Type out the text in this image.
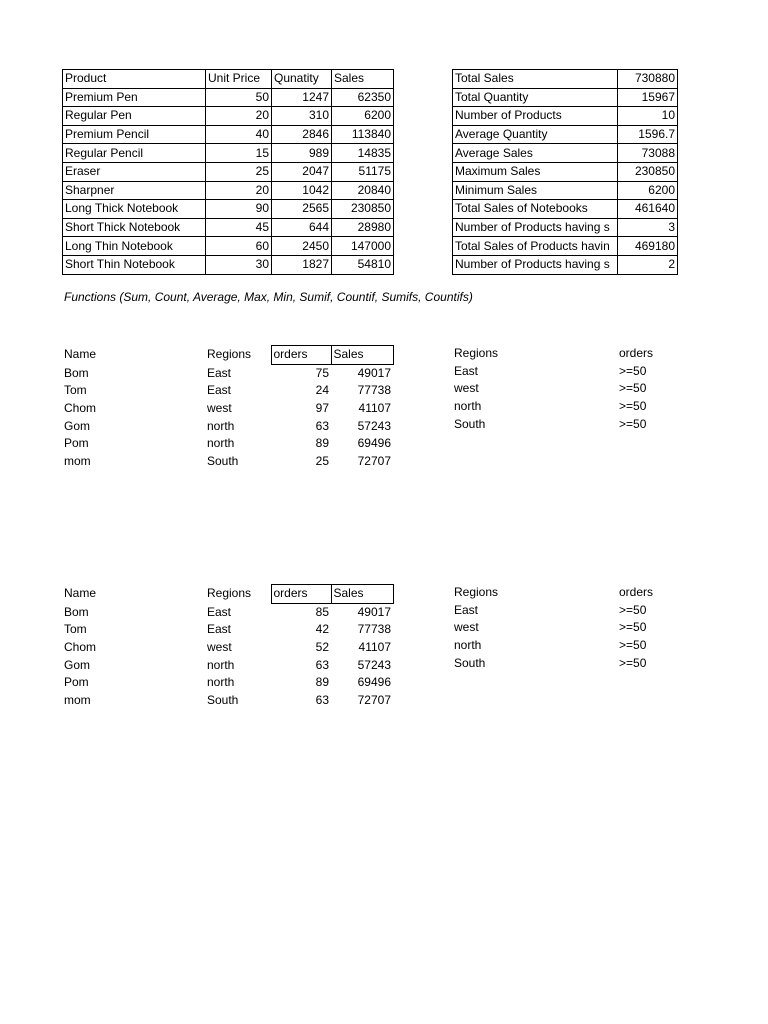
Product	Unit Price	Qunatity	Sales
Premium Pen	50	1247	62350
Regular Pen	20	310	6200
Premium Pencil	40	2846	113840
Regular Pencil	15	989	14835
Eraser	25	2047	51175
Sharpner	20	1042	20840
Long Thick Notebook	90	2565	230850
Short Thick Notebook	45	644	28980
Long Thin Notebook	60	2450	147000
Short Thin Notebook	30	1827	54810
Total Sales	730880
Total Quantity	15967
Number of Products	10
Average Quantity	1596.7
Average Sales	73088
Maximum Sales	230850
Minimum Sales	6200
Total Sales of Notebooks	461640
Number of Products having s	3
Total Sales of Products havin	469180
Number of Products having s	2
Functions (Sum, Count, Average, Max, Min, Sumif, Countif, Sumifs, Countifs)
Name	Regions	orders	Sales
Bom	East	75	49017
Tom	East	24	77738
Chom	west	97	41107
Gom	north	63	57243
Pom	north	89	69496
mom	South	25	72707
Regions	orders
East	>=50
west	>=50
north	>=50
South	>=50
Name	Regions	orders	Sales
Bom	East	85	49017
Tom	East	42	77738
Chom	west	52	41107
Gom	north	63	57243
Pom	north	89	69496
mom	South	63	72707
Regions	orders
East	>=50
west	>=50
north	>=50
South	>=50
